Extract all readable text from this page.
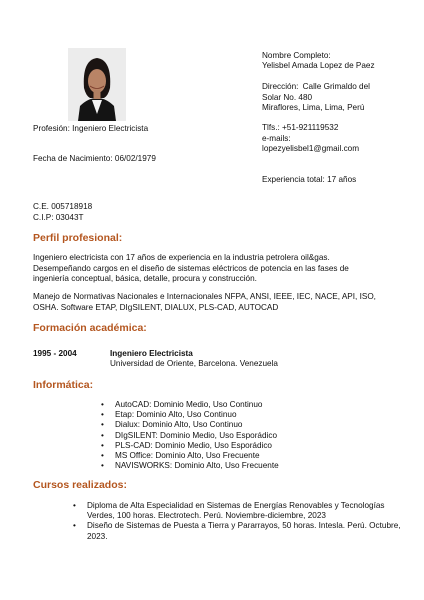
Nombre Completo:
Yelisbel Amada Lopez de Paez
Dirección: Calle Grimaldo del
Solar No. 480
Miraflores, Lima, Lima, Perú
Tlfs.: +51-921119532
e-mails:
lopezyelisbel1@gmail.com
Experiencia total: 17 años
Profesión: Ingeniero Electricista
Fecha de Nacimiento: 06/02/1979
C.E. 005718918
C.I.P: 03043T
Perfil profesional:
Ingeniero electricista con 17 años de experiencia en la industria petrolera oil&gas. Desempeñando cargos en el diseño de sistemas eléctricos de potencia en las fases de ingeniería conceptual, básica, detalle, procura y construcción.
Manejo de Normativas Nacionales e Internacionales NFPA, ANSI, IEEE, IEC, NACE, API, ISO, OSHA. Software ETAP, DIgSILENT, DIALUX, PLS-CAD, AUTOCAD
Formación académica:
1995 - 2004	Ingeniero Electricista
Universidad de Oriente, Barcelona. Venezuela
Informática:
• AutoCAD: Dominio Medio, Uso Continuo
• Etap: Dominio Alto, Uso Continuo
• Dialux: Dominio Alto, Uso Continuo
• DIgSILENT: Dominio Medio, Uso Esporádico
• PLS-CAD: Dominio Medio, Uso Esporádico
• MS Office: Dominio Alto, Uso Frecuente
• NAVISWORKS: Dominio Alto, Uso Frecuente
Cursos realizados:
• Diploma de Alta Especialidad en Sistemas de Energías Renovables y Tecnologías
Verdes, 100 horas. Electrotech. Perú. Noviembre-diciembre, 2023
• Diseño de Sistemas de Puesta a Tierra y Pararrayos, 50 horas. Intesla. Perú. Octubre,
2023.
